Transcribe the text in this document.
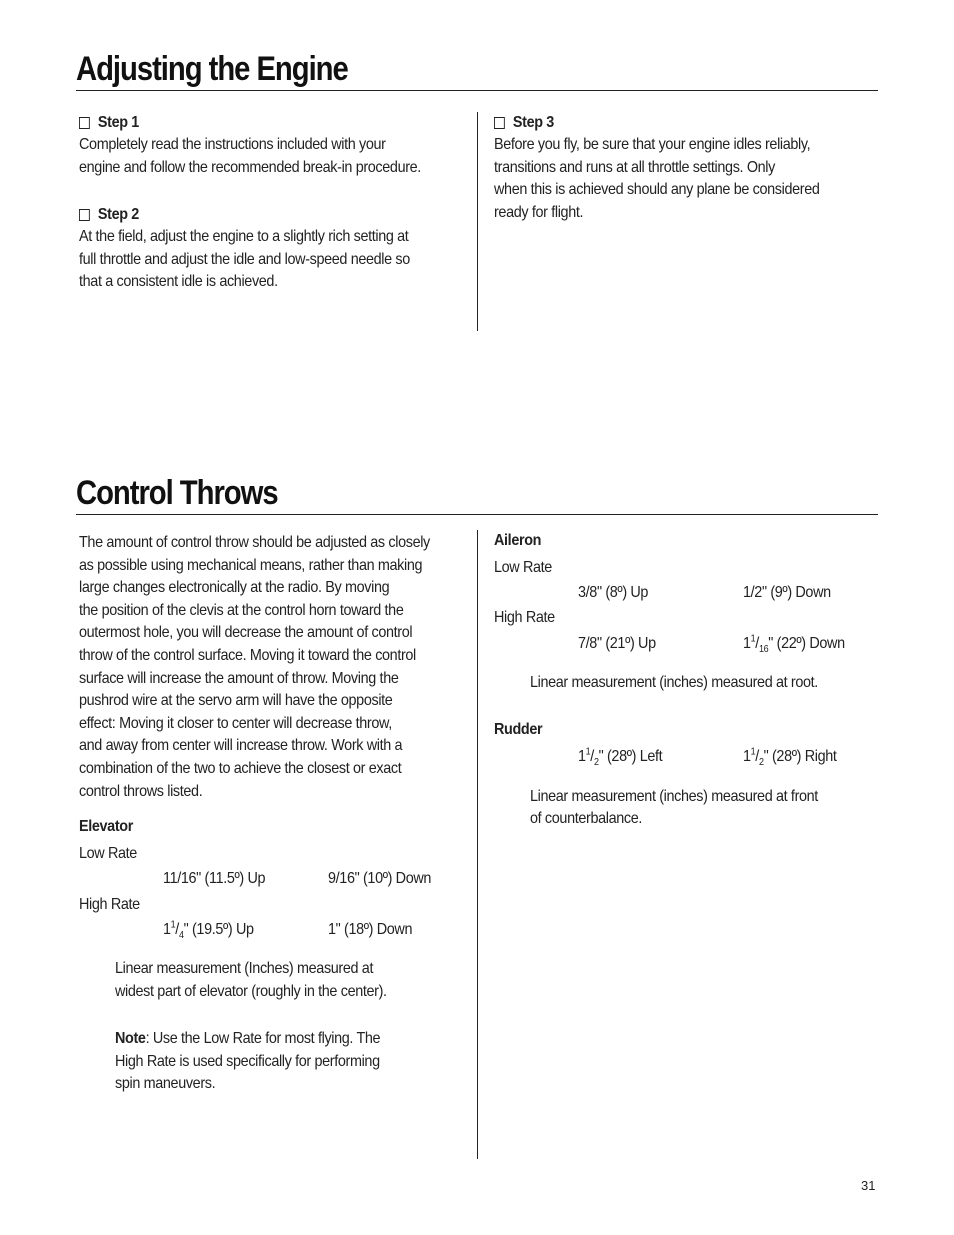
Adjusting the Engine
Step 1

Completely read the instructions included with your

engine and follow the recommended break-in procedure.

Step 2

At the field, adjust the engine to a slightly rich setting at

full throttle and adjust the idle and low-speed needle so

that a consistent idle is achieved.

Step 3

Before you fly, be sure that your engine idles reliably,

transitions and runs at all throttle settings. Only

when this is achieved should any plane be considered

ready for flight.

Control Throws

The amount of control throw should be adjusted as closely

as possible using mechanical means, rather than making

large changes electronically at the radio. By moving

the position of the clevis at the control horn toward the

outermost hole, you will decrease the amount of control

throw of the control surface. Moving it toward the control

surface will increase the amount of throw. Moving the

pushrod wire at the servo arm will have the opposite

effect: Moving it closer to center will decrease throw,

and away from center will increase throw. Work with a

combination of the two to achieve the closest or exact

control throws listed.

Elevator
Low Rate
11/16" (11.5º) Up	9/16" (10º) Down
High Rate
$1^1/_4$" (19.5º) Up	1" (18º) Down
Linear measurement (Inches) measured at
widest part of elevator (roughly in the center).
Note: Use the Low Rate for most flying. The
High Rate is used specifically for performing
spin maneuvers.
Aileron
Low Rate
3/8" (8º) Up	1/2" (9º) Down
High Rate
7/8" (21º) Up	$1^1/_{16}$" (22º) Down
Linear measurement (inches) measured at root.
Rudder
$1^1/_2$" (28º) Left	$1^1/_2$" (28º) Right
Linear measurement (inches) measured at front
of counterbalance.
31
